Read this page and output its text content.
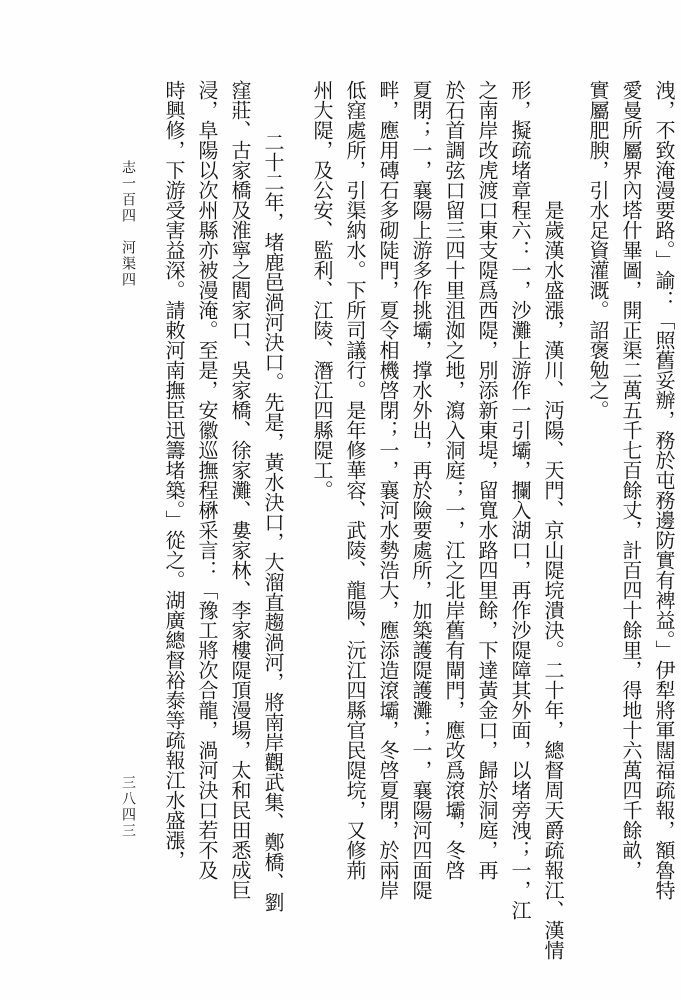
洩，不致淹漫要路。」諭：「照舊妥辦，務於屯務邊防實有裨益。」伊犁將軍闊福疏報，額魯特
愛曼所屬界內塔什畢圖，開正渠二萬五千七百餘丈，計百四十餘里，得地十六萬四千餘畝，
實屬肥腴，引水足資灌溉。詔褒勉之。
是歲漢水盛漲，漢川、沔陽、天門、京山隄垸潰決。二十年，總督周天爵疏報江、漢情
形，擬疏堵章程六：一，沙灘上游作一引壩，攔入湖口，再作沙隄障其外面，以堵旁洩；一，江
之南岸改虎渡口東支隄爲西隄，別添新東堤，留寬水路四里餘，下達黃金口，歸於洞庭，再
於石首調弦口留三四十里沮洳之地，瀉入洞庭；一，江之北岸舊有閘門，應改爲滾壩，冬啓
夏閉；一，襄陽上游多作挑壩，撑水外出，再於險要處所，加築護隄護灘；一，襄陽河四面隄
畔，應用磚石多砌陡門，夏令相機啓閉；一，襄河水勢浩大，應添造滾壩，冬啓夏閉，於兩岸
低窪處所，引渠納水。下所司議行。是年修華容、武陵、龍陽、沅江四縣官民隄垸，又修荊
州大隄，及公安、監利、江陵、潛江四縣隄工。
二十二年，堵鹿邑渦河決口。先是，黃水決口，大溜直趨渦河，將南岸觀武集、鄭橋、劉
窪莊、古家橋及淮寧之閻家口、吳家橋、徐家灘、婁家林、李家樓隄頂漫場，太和民田悉成巨
浸，阜陽以次州縣亦被漫淹。至是，安徽巡撫程楙采言：「豫工將次合龍，渦河決口若不及
時興修，下游受害益深。請敕河南撫臣迅籌堵築。」從之。湖廣總督裕泰等疏報江水盛漲，
志一百四　河渠四
三八四三
